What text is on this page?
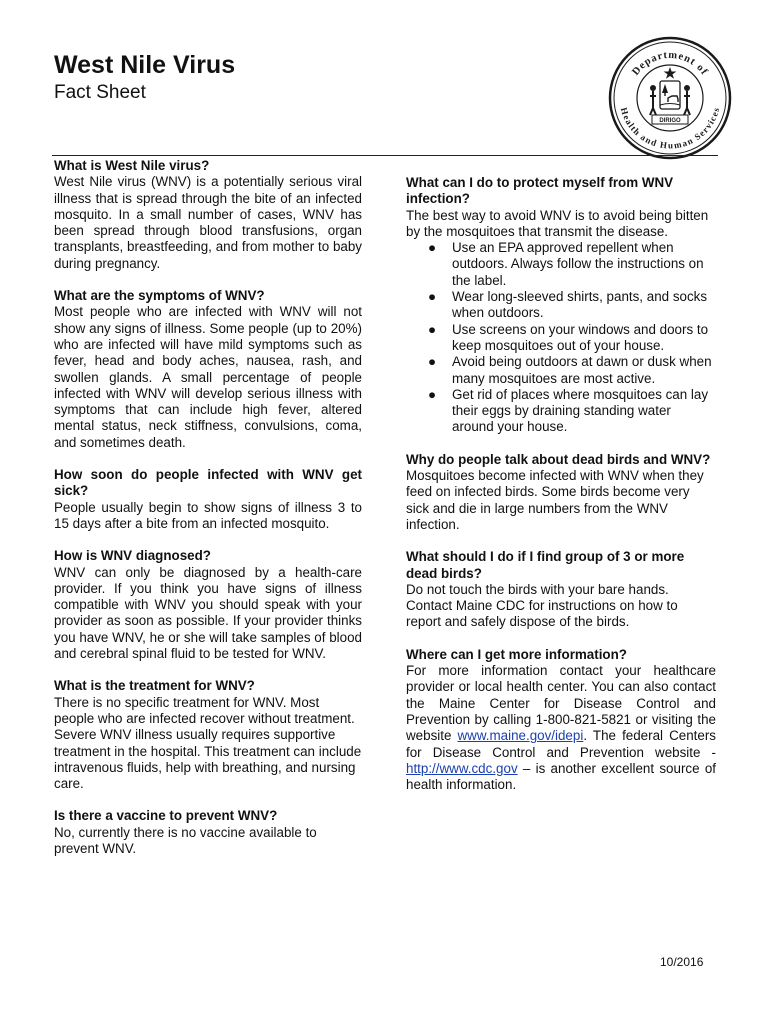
West Nile Virus
Fact Sheet
Department of
Health and Human Services
DIRIGO
What is West Nile virus?
West Nile virus (WNV) is a potentially serious viral illness that is spread through the bite of an infected mosquito. In a small number of cases, WNV has been spread through blood transfusions, organ transplants, breastfeeding, and from mother to baby during pregnancy.
What are the symptoms of WNV?
Most people who are infected with WNV will not show any signs of illness. Some people (up to 20%) who are infected will have mild symptoms such as fever, head and body aches, nausea, rash, and swollen glands. A small percentage of people infected with WNV will develop serious illness with symptoms that can include high fever, altered mental status, neck stiffness, convulsions, coma, and sometimes death.
How soon do people infected with WNV get sick?
People usually begin to show signs of illness 3 to 15 days after a bite from an infected mosquito.
How is WNV diagnosed?
WNV can only be diagnosed by a health-care provider. If you think you have signs of illness compatible with WNV you should speak with your provider as soon as possible. If your provider thinks you have WNV, he or she will take samples of blood and cerebral spinal fluid to be tested for WNV.
What is the treatment for WNV?
There is no specific treatment for WNV. Most people who are infected recover without treatment. Severe WNV illness usually requires supportive treatment in the hospital. This treatment can include intravenous fluids, help with breathing, and nursing care.
Is there a vaccine to prevent WNV?
No, currently there is no vaccine available to prevent WNV.
What can I do to protect myself from WNV infection?
The best way to avoid WNV is to avoid being bitten by the mosquitoes that transmit the disease.
● Use an EPA approved repellent when outdoors. Always follow the instructions on the label.
● Wear long-sleeved shirts, pants, and socks when outdoors.
● Use screens on your windows and doors to keep mosquitoes out of your house.
● Avoid being outdoors at dawn or dusk when many mosquitoes are most active.
● Get rid of places where mosquitoes can lay their eggs by draining standing water around your house.
Why do people talk about dead birds and WNV?
Mosquitoes become infected with WNV when they feed on infected birds. Some birds become very sick and die in large numbers from the WNV infection.
What should I do if I find group of 3 or more dead birds?
Do not touch the birds with your bare hands. Contact Maine CDC for instructions on how to report and safely dispose of the birds.
Where can I get more information?
For more information contact your healthcare provider or local health center. You can also contact the Maine Center for Disease Control and Prevention by calling 1-800-821-5821 or visiting the website www.maine.gov/idepi. The federal Centers for Disease Control and Prevention website - http://www.cdc.gov – is another excellent source of health information.
10/2016
